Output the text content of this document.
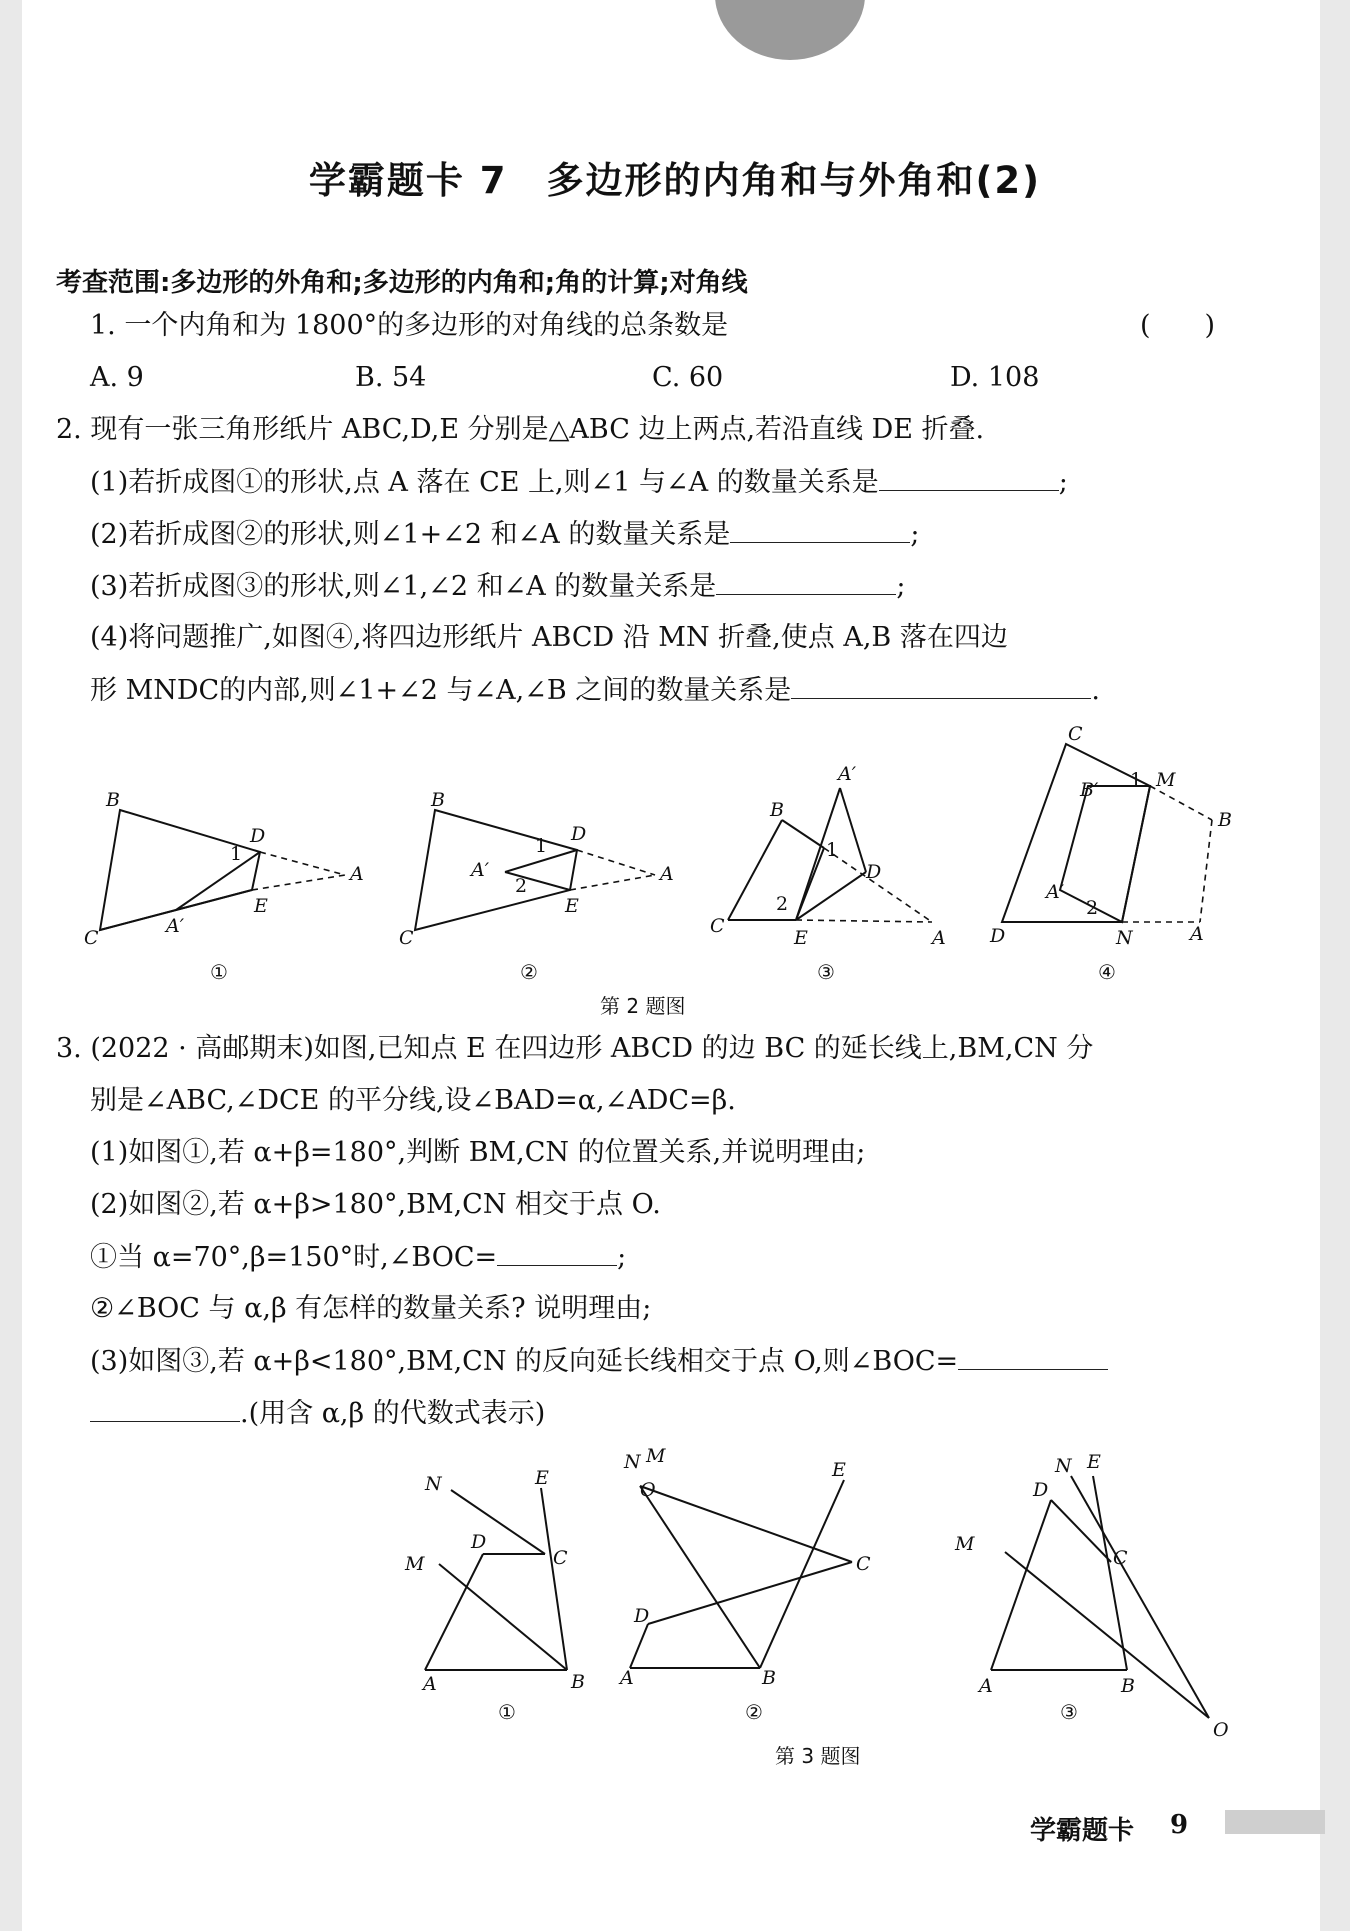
学霸题卡 7　多边形的内角和与外角和(2)
考查范围:多边形的外角和;多边形的内角和;角的计算;对角线
1. 一个内角和为 1800°的多边形的对角线的总条数是	(　　)
A. 9	B. 54	C. 60	D. 108
2. 现有一张三角形纸片 ABC,D,E 分别是△ABC 边上两点,若沿直线 DE 折叠.
(1)若折成图①的形状,点 A 落在 CE 上,则∠1 与∠A 的数量关系是	;
(2)若折成图②的形状,则∠1+∠2 和∠A 的数量关系是	;
(3)若折成图③的形状,则∠1,∠2 和∠A 的数量关系是	;
(4)将问题推广,如图④,将四边形纸片 ABCD 沿 MN 折叠,使点 A,B 落在四边
形 MNDC的内部,则∠1+∠2 与∠A,∠B 之间的数量关系是	.
B
D
1
A
E
A′
C
B
D
1
A′
2
A
E
C
A′
B
1
D
2
C
E	A
C
B′ 1 M
B
A′
2
D	N	A
①	②	③	④
第 2 题图
3. (2022 · 高邮期末)如图,已知点 E 在四边形 ABCD 的边 BC 的延长线上,BM,CN 分
别是∠ABC,∠DCE 的平分线,设∠BAD=α,∠ADC=β.
(1)如图①,若 α+β=180°,判断 BM,CN 的位置关系,并说明理由;
(2)如图②,若 α+β>180°,BM,CN 相交于点 O.
①当 α=70°,β=150°时,∠BOC=	;
②∠BOC 与 α,β 有怎样的数量关系? 说明理由;
(3)如图③,若 α+β<180°,BM,CN 的反向延长线相交于点 O,则∠BOC=
.(用含 α,β 的代数式表示)
N	E
M
D
C
A	B
N M
O
E
C
D
A	B
M
D
N E
C
A	B
O
①	②	③
第 3 题图
学霸题卡 9
